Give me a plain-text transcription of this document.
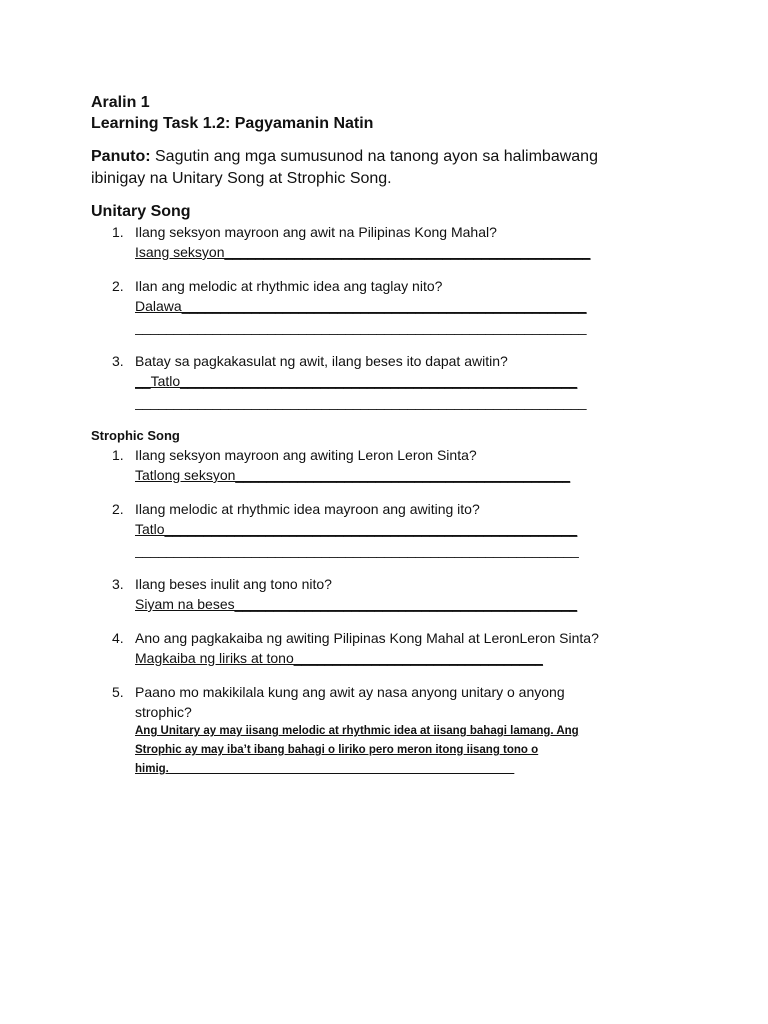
Aralin 1
Learning Task 1.2: Pagyamanin Natin
Panuto: Sagutin ang mga sumusunod na tanong ayon sa halimbawang ibinigay na Unitary Song at Strophic Song.
Unitary Song
1. Ilang seksyon mayroon ang awit na Pilipinas Kong Mahal?
Isang seksyon_______________________________________________
2. Ilan ang melodic at rhythmic idea ang taglay nito?
Dalawa____________________________________________________
__________________________________________________________
3. Batay sa pagkakasulat ng awit, ilang beses ito dapat awitin?
__Tatlo___________________________________________________
__________________________________________________________
Strophic Song
1. Ilang seksyon mayroon ang awiting Leron Leron Sinta?
Tatlong seksyon___________________________________________
2. Ilang melodic at rhythmic idea mayroon ang awiting ito?
Tatlo_____________________________________________________
_________________________________________________________
3. Ilang beses inulit ang tono nito?
Siyam na beses____________________________________________
4. Ano ang pagkakaiba ng awiting Pilipinas Kong Mahal at LeronLeron Sinta?
Magkaiba ng liriks at tono________________________________
5. Paano mo makikilala kung ang awit ay nasa anyong unitary o anyong strophic?
Ang Unitary ay may iisang melodic at rhythmic idea at iisang bahagi lamang. Ang Strophic ay may iba’t ibang bahagi o liriko pero meron itong iisang tono o himig.______________________________________________________
